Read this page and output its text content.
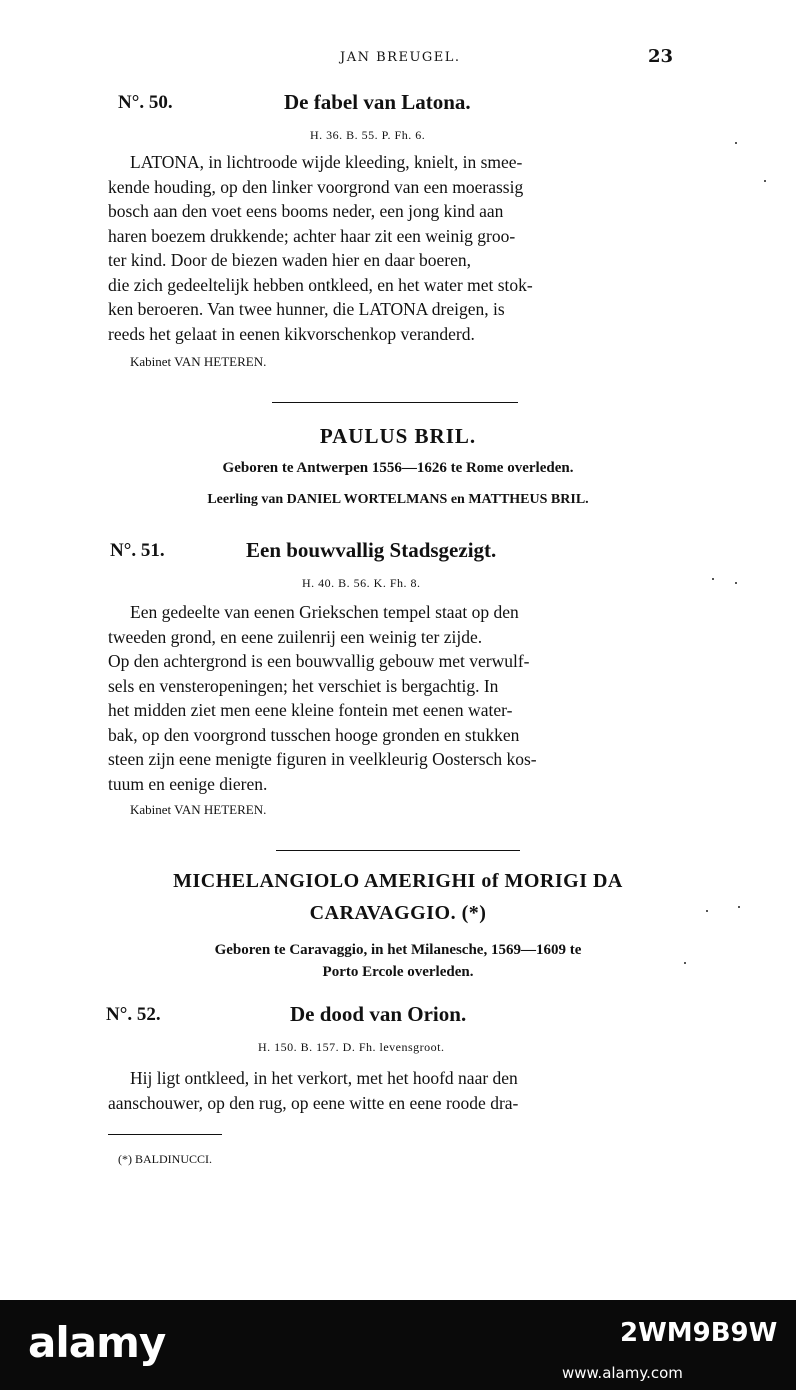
JAN BREUGEL.	23
N°. 50.	De fabel van Latona.
H. 36. B. 55. P. Fh. 6.
LATONA, in lichtroode wijde kleeding, knielt, in smee-
kende houding, op den linker voorgrond van een moerassig
bosch aan den voet eens booms neder, een jong kind aan
haren boezem drukkende; achter haar zit een weinig groo-
ter kind. Door de biezen waden hier en daar boeren,
die zich gedeeltelijk hebben ontkleed, en het water met stok-
ken beroeren. Van twee hunner, die LATONA dreigen, is
reeds het gelaat in eenen kikvorschenkop veranderd.
Kabinet VAN HETEREN.
PAULUS BRIL.
Geboren te Antwerpen 1556—1626 te Rome overleden.
Leerling van DANIEL WORTELMANS en MATTHEUS BRIL.
N°. 51.	Een bouwvallig Stadsgezigt.
H. 40. B. 56. K. Fh. 8.
Een gedeelte van eenen Griekschen tempel staat op den
tweeden grond, en eene zuilenrij een weinig ter zijde.
Op den achtergrond is een bouwvallig gebouw met verwulf-
sels en vensteropeningen; het verschiet is bergachtig. In
het midden ziet men eene kleine fontein met eenen water-
bak, op den voorgrond tusschen hooge gronden en stukken
steen zijn eene menigte figuren in veelkleurig Oostersch kos-
tuum en eenige dieren.
Kabinet VAN HETEREN.
MICHELANGIOLO AMERIGHI of MORIGI DA
CARAVAGGIO. (*)
Geboren te Caravaggio, in het Milanesche, 1569—1609 te
Porto Ercole overleden.
N°. 52.	De dood van Orion.
H. 150. B. 157. D. Fh. levensgroot.
Hij ligt ontkleed, in het verkort, met het hoofd naar den
aanschouwer, op den rug, op eene witte en eene roode dra-
(*) BALDINUCCI.
alamy	2WM9B9W
www.alamy.com
